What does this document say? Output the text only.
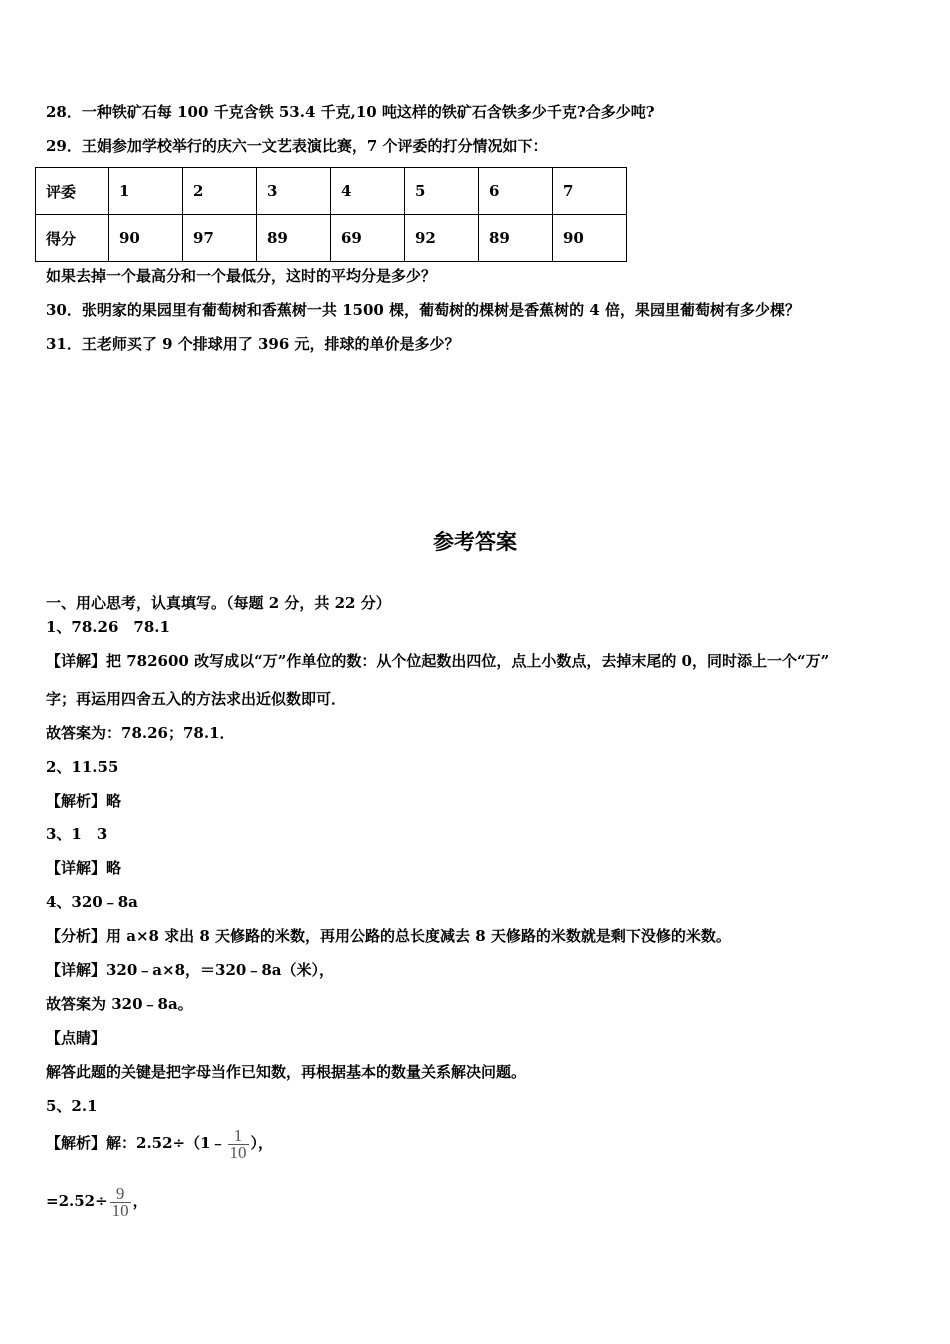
28．一种铁矿石每 100 千克含铁 53.4 千克,10 吨这样的铁矿石含铁多少千克?合多少吨?
29．王娟参加学校举行的庆六一文艺表演比赛，7 个评委的打分情况如下：
评委	1	2	3	4	5	6	7
得分	90	97	89	69	92	89	90
如果去掉一个最高分和一个最低分，这时的平均分是多少？
30．张明家的果园里有葡萄树和香蕉树一共 1500 棵，葡萄树的棵树是香蕉树的 4 倍，果园里葡萄树有多少棵？
31．王老师买了 9 个排球用了 396 元，排球的单价是多少？
参考答案
一、用心思考，认真填写。（每题 2 分，共 22 分）
1、78.26　78.1
【详解】把 782600 改写成以“万”作单位的数：从个位起数出四位，点上小数点，去掉末尾的 0，同时添上一个“万”
字；再运用四舍五入的方法求出近似数即可．
故答案为：78.26；78.1．
2、11.55
【解析】略
3、1　3
【详解】略
4、320﹣8a
【分析】用 a×8 求出 8 天修路的米数，再用公路的总长度减去 8 天修路的米数就是剩下没修的米数。
【详解】320﹣a×8，＝320﹣8a（米），
故答案为 320﹣8a。
【点睛】
解答此题的关键是把字母当作已知数，再根据基本的数量关系解决问题。
5、2.1
【解析】解：2.52÷（1﹣ $\frac{1}{10}$ ），
$=2.52\div \frac{9}{10}$ ，
